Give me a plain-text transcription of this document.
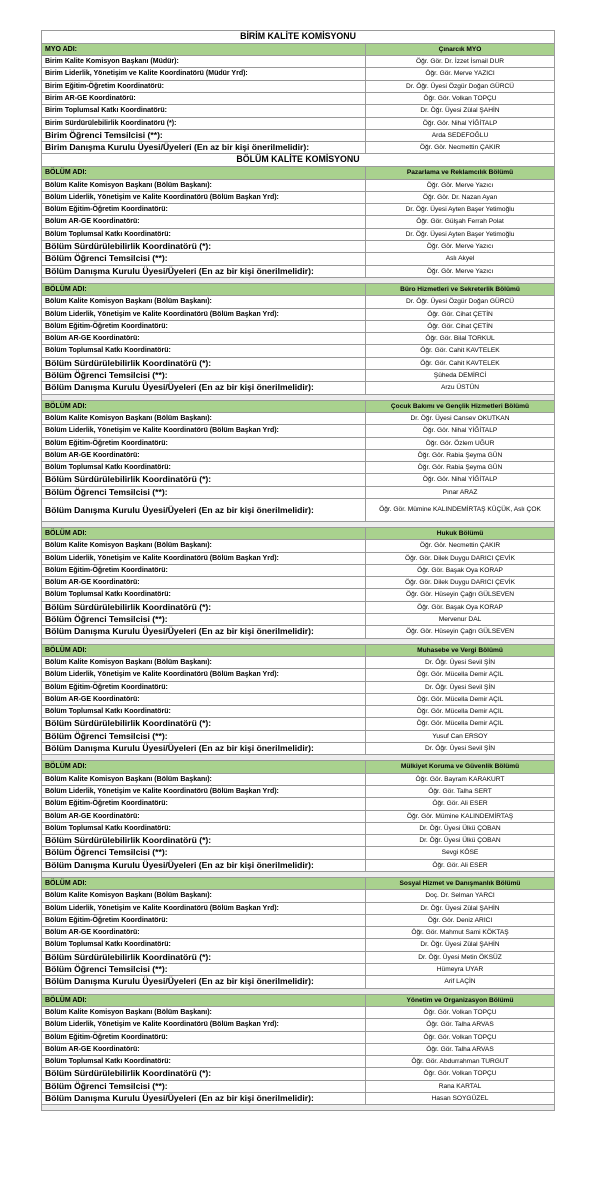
BİRİM KALİTE KOMİSYONU	
MYO ADI:	Çınarcık MYO
Birim Kalite Komisyon Başkanı (Müdür):	Öğr. Gör. Dr. İzzet İsmail DUR
Birim Liderlik, Yönetişim ve Kalite Koordinatörü (Müdür Yrd):	Öğr. Gör. Merve YAZICI
Birim Eğitim-Öğretim Koordinatörü:	Dr. Öğr. Üyesi Özgür Doğan GÜRCÜ
Birim AR-GE Koordinatörü:	Öğr. Gör. Volkan TOPÇU
Birim Toplumsal Katkı Koordinatörü:	Dr. Öğr. Üyesi Zülal ŞAHİN
Birim Sürdürülebilirlik Koordinatörü (*):	Öğr. Gör. Nihal YİĞİTALP
Birim Öğrenci Temsilcisi (**):	Arda SEDEFOĞLU
Birim Danışma Kurulu Üyesi/Üyeleri (En az bir kişi önerilmelidir):	Öğr. Gör. Necmettin ÇAKIR
BÖLÜM KALİTE KOMİSYONU	
BÖLÜM ADI:	Pazarlama ve Reklamcılık Bölümü
Bölüm Kalite Komisyon Başkanı (Bölüm Başkanı):	Öğr. Gör. Merve Yazıcı
Bölüm Liderlik, Yönetişim ve Kalite Koordinatörü (Bölüm Başkan Yrd):	Öğr. Gör. Dr. Nazan Ayan
Bölüm Eğitim-Öğretim Koordinatörü:	Dr. Öğr. Üyesi Ayten Başer Yetimoğlu
Bölüm AR-GE Koordinatörü:	Öğr. Gör. Gülşah Ferrah Polat
Bölüm Toplumsal Katkı Koordinatörü:	Dr. Öğr. Üyesi Ayten Başer Yetimoğlu
Bölüm Sürdürülebilirlik Koordinatörü (*):	Öğr. Gör. Merve Yazıcı
Bölüm Öğrenci Temsilcisi (**):	Aslı Akyel
Bölüm Danışma Kurulu Üyesi/Üyeleri (En az bir kişi önerilmelidir):	Öğr. Gör. Merve Yazıcı

BÖLÜM ADI:	Büro Hizmetleri ve Sekreterlik Bölümü
Bölüm Kalite Komisyon Başkanı (Bölüm Başkanı):	Dr. Öğr. Üyesi Özgür Doğan GÜRCÜ
Bölüm Liderlik, Yönetişim ve Kalite Koordinatörü (Bölüm Başkan Yrd):	Öğr. Gör. Cihat ÇETİN
Bölüm Eğitim-Öğretim Koordinatörü:	Öğr. Gör. Cihat ÇETİN
Bölüm AR-GE Koordinatörü:	Öğr. Gör. Bilal TORKUL
Bölüm Toplumsal Katkı Koordinatörü:	Öğr. Gör. Cahit KAVTELEK
Bölüm Sürdürülebilirlik Koordinatörü (*):	Öğr. Gör. Cahit KAVTELEK
Bölüm Öğrenci Temsilcisi (**):	Şüheda DEMİRCİ
Bölüm Danışma Kurulu Üyesi/Üyeleri (En az bir kişi önerilmelidir):	Arzu ÜSTÜN

BÖLÜM ADI:	Çocuk Bakımı ve Gençlik Hizmetleri Bölümü
Bölüm Kalite Komisyon Başkanı (Bölüm Başkanı):	Dr. Öğr. Üyesi Cansev OKUTKAN
Bölüm Liderlik, Yönetişim ve Kalite Koordinatörü (Bölüm Başkan Yrd):	Öğr. Gör. Nihal YİĞİTALP
Bölüm Eğitim-Öğretim Koordinatörü:	Öğr. Gör. Özlem UĞUR
Bölüm AR-GE Koordinatörü:	Öğr. Gör. Rabia Şeyma GÜN
Bölüm Toplumsal Katkı Koordinatörü:	Öğr. Gör. Rabia Şeyma GÜN
Bölüm Sürdürülebilirlik Koordinatörü (*):	Öğr. Gör. Nihal YİĞİTALP
Bölüm Öğrenci Temsilcisi (**):	Pınar ARAZ
Bölüm Danışma Kurulu Üyesi/Üyeleri (En az bir kişi önerilmelidir):	Öğr. Gör. Mümine KALINDEMİRTAŞ KÜÇÜK, Aslı ÇOK

BÖLÜM ADI:	Hukuk Bölümü
Bölüm Kalite Komisyon Başkanı (Bölüm Başkanı):	Öğr. Gör. Necmettin ÇAKIR
Bölüm Liderlik, Yönetişim ve Kalite Koordinatörü (Bölüm Başkan Yrd):	Öğr. Gör. Dilek Duygu DARICI ÇEVİK
Bölüm Eğitim-Öğretim Koordinatörü:	Öğr. Gör. Başak Oya KORAP
Bölüm AR-GE Koordinatörü:	Öğr. Gör. Dilek Duygu DARICI ÇEVİK
Bölüm Toplumsal Katkı Koordinatörü:	Öğr. Gör. Hüseyin Çağrı GÜLSEVEN
Bölüm Sürdürülebilirlik Koordinatörü (*):	Öğr. Gör. Başak Oya KORAP
Bölüm Öğrenci Temsilcisi (**):	Mervenur DAL
Bölüm Danışma Kurulu Üyesi/Üyeleri (En az bir kişi önerilmelidir):	Öğr. Gör. Hüseyin Çağrı GÜLSEVEN

BÖLÜM ADI:	Muhasebe ve Vergi Bölümü
Bölüm Kalite Komisyon Başkanı (Bölüm Başkanı):	Dr. Öğr. Üyesi Sevil ŞİN
Bölüm Liderlik, Yönetişim ve Kalite Koordinatörü (Bölüm Başkan Yrd):	Öğr. Gör. Mücella Demir AÇIL
Bölüm Eğitim-Öğretim Koordinatörü:	Dr. Öğr. Üyesi Sevil ŞİN
Bölüm AR-GE Koordinatörü:	Öğr. Gör. Mücella Demir AÇIL
Bölüm Toplumsal Katkı Koordinatörü:	Öğr. Gör. Mücella Demir AÇIL
Bölüm Sürdürülebilirlik Koordinatörü (*):	Öğr. Gör. Mücella Demir AÇIL
Bölüm Öğrenci Temsilcisi (**):	Yusuf Can ERSOY
Bölüm Danışma Kurulu Üyesi/Üyeleri (En az bir kişi önerilmelidir):	Dr. Öğr. Üyesi Sevil ŞİN

BÖLÜM ADI:	Mülkiyet Koruma ve Güvenlik Bölümü
Bölüm Kalite Komisyon Başkanı (Bölüm Başkanı):	Öğr. Gör. Bayram KARAKURT
Bölüm Liderlik, Yönetişim ve Kalite Koordinatörü (Bölüm Başkan Yrd):	Öğr. Gör. Talha SERT
Bölüm Eğitim-Öğretim Koordinatörü:	Öğr. Gör. Ali ESER
Bölüm AR-GE Koordinatörü:	Öğr. Gör. Mümine KALINDEMİRTAŞ
Bölüm Toplumsal Katkı Koordinatörü:	Dr. Öğr. Üyesi Ülkü ÇOBAN
Bölüm Sürdürülebilirlik Koordinatörü (*):	Dr. Öğr. Üyesi Ülkü ÇOBAN
Bölüm Öğrenci Temsilcisi (**):	Sevgi KÖSE
Bölüm Danışma Kurulu Üyesi/Üyeleri (En az bir kişi önerilmelidir):	Öğr. Gör. Ali ESER

BÖLÜM ADI:	Sosyal Hizmet ve Danışmanlık Bölümü
Bölüm Kalite Komisyon Başkanı (Bölüm Başkanı):	Doç. Dr. Selman YARCI
Bölüm Liderlik, Yönetişim ve Kalite Koordinatörü (Bölüm Başkan Yrd):	Dr. Öğr. Üyesi Zülal ŞAHİN
Bölüm Eğitim-Öğretim Koordinatörü:	Öğr. Gör. Deniz ARICI
Bölüm AR-GE Koordinatörü:	Öğr. Gör. Mahmut Sami KÖKTAŞ
Bölüm Toplumsal Katkı Koordinatörü:	Dr. Öğr. Üyesi Zülal ŞAHİN
Bölüm Sürdürülebilirlik Koordinatörü (*):	Dr. Öğr. Üyesi Metin ÖKSÜZ
Bölüm Öğrenci Temsilcisi (**):	Hümeyra UYAR
Bölüm Danışma Kurulu Üyesi/Üyeleri (En az bir kişi önerilmelidir):	Arif LAÇİN

BÖLÜM ADI:	Yönetim ve Organizasyon Bölümü
Bölüm Kalite Komisyon Başkanı (Bölüm Başkanı):	Öğr. Gör. Volkan TOPÇU
Bölüm Liderlik, Yönetişim ve Kalite Koordinatörü (Bölüm Başkan Yrd):	Öğr. Gör. Talha ARVAS
Bölüm Eğitim-Öğretim Koordinatörü:	Öğr. Gör. Volkan TOPÇU
Bölüm AR-GE Koordinatörü:	Öğr. Gör. Talha ARVAS
Bölüm Toplumsal Katkı Koordinatörü:	Öğr. Gör. Abdurrahman TURGUT
Bölüm Sürdürülebilirlik Koordinatörü (*):	Öğr. Gör. Volkan TOPÇU
Bölüm Öğrenci Temsilcisi (**):	Rana KARTAL
Bölüm Danışma Kurulu Üyesi/Üyeleri (En az bir kişi önerilmelidir):	Hasan SOYGÜZEL
